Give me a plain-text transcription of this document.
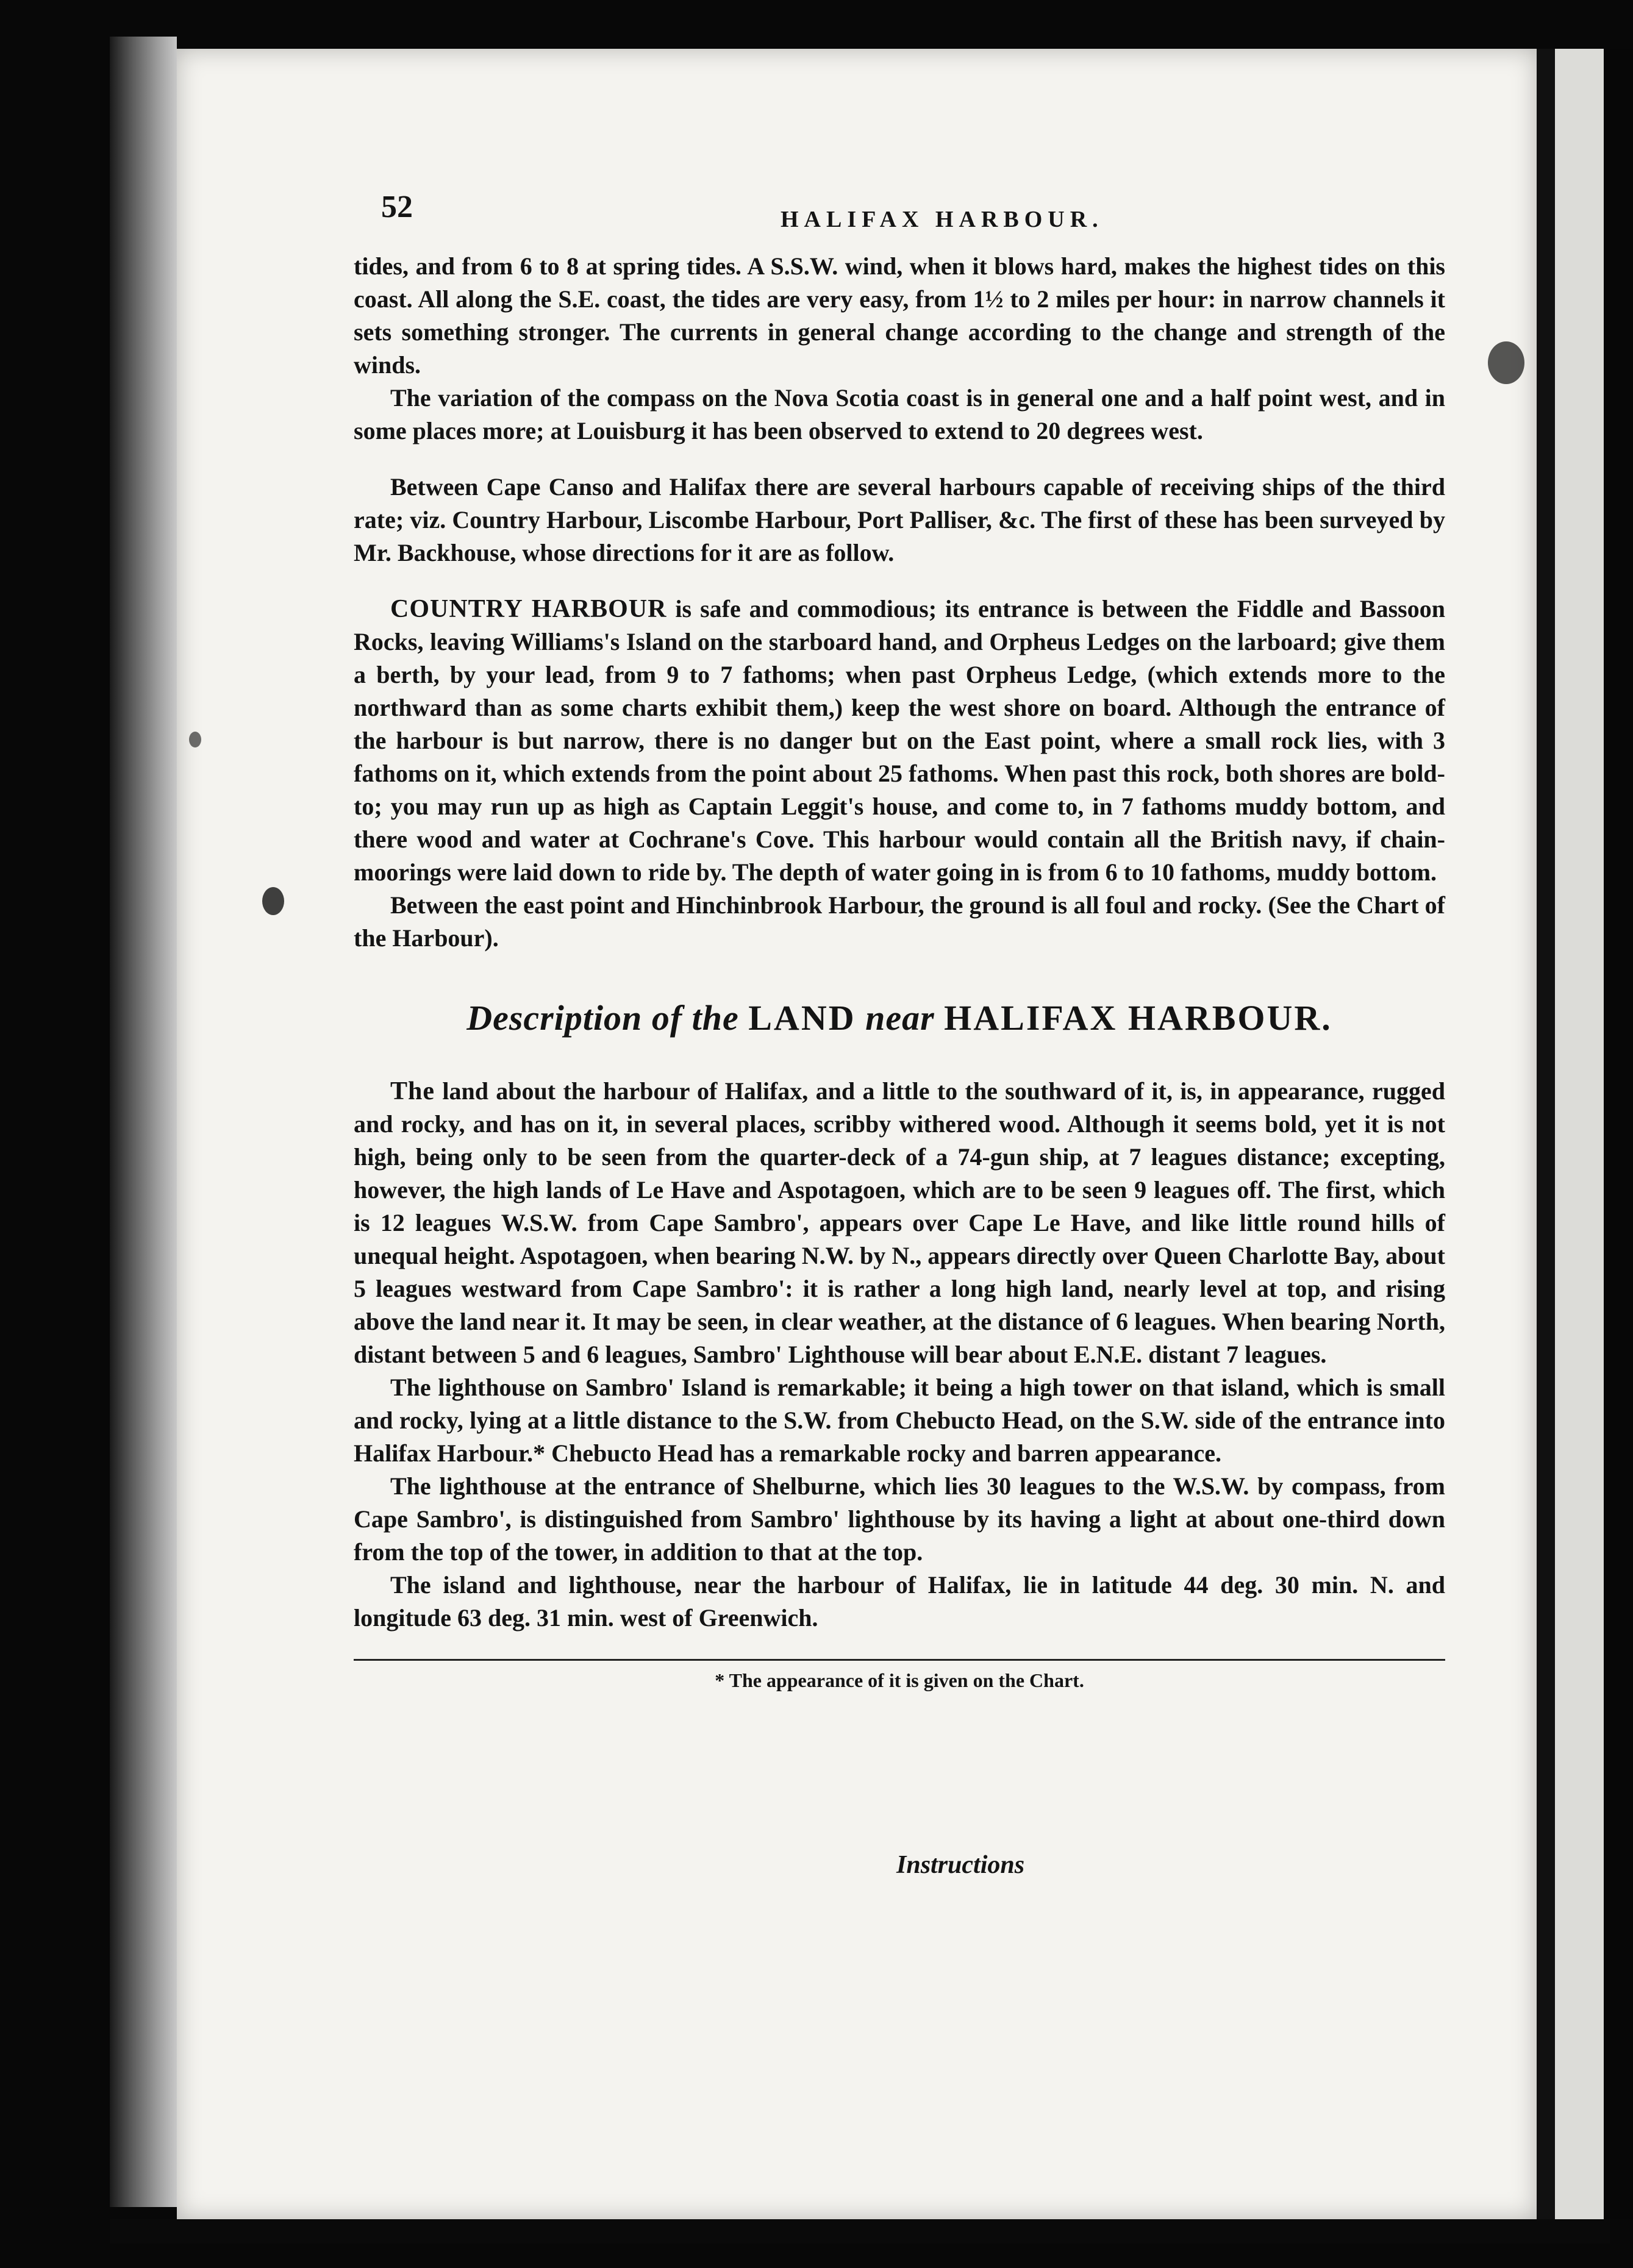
52	HALIFAX HARBOUR.

tides, and from 6 to 8 at spring tides. A S.S.W. wind, when it blows hard, makes the highest tides on this coast. All along the S.E. coast, the tides are very easy, from 1½ to 2 miles per hour: in narrow channels it sets something stronger. The currents in general change according to the change and strength of the winds.

The variation of the compass on the Nova Scotia coast is in general one and a half point west, and in some places more; at Louisburg it has been observed to extend to 20 degrees west.

Between Cape Canso and Halifax there are several harbours capable of receiving ships of the third rate; viz. Country Harbour, Liscombe Harbour, Port Palliser, &c. The first of these has been surveyed by Mr. Backhouse, whose directions for it are as follow.

COUNTRY HARBOUR is safe and commodious; its entrance is between the Fiddle and Bassoon Rocks, leaving Williams's Island on the starboard hand, and Orpheus Ledges on the larboard; give them a berth, by your lead, from 9 to 7 fathoms; when past Orpheus Ledge, (which extends more to the northward than as some charts exhibit them,) keep the west shore on board. Although the entrance of the harbour is but narrow, there is no danger but on the East point, where a small rock lies, with 3 fathoms on it, which extends from the point about 25 fathoms. When past this rock, both shores are bold-to; you may run up as high as Captain Leggit's house, and come to, in 7 fathoms muddy bottom, and there wood and water at Cochrane's Cove. This harbour would contain all the British navy, if chain-moorings were laid down to ride by. The depth of water going in is from 6 to 10 fathoms, muddy bottom.

Between the east point and Hinchinbrook Harbour, the ground is all foul and rocky. (See the Chart of the Harbour).

Description of the LAND near HALIFAX HARBOUR.

The land about the harbour of Halifax, and a little to the southward of it, is, in appearance, rugged and rocky, and has on it, in several places, scribby withered wood. Although it seems bold, yet it is not high, being only to be seen from the quarter-deck of a 74-gun ship, at 7 leagues distance; excepting, however, the high lands of Le Have and Aspotagoen, which are to be seen 9 leagues off. The first, which is 12 leagues W.S.W. from Cape Sambro', appears over Cape Le Have, and like little round hills of unequal height. Aspotagoen, when bearing N.W. by N., appears directly over Queen Charlotte Bay, about 5 leagues westward from Cape Sambro': it is rather a long high land, nearly level at top, and rising above the land near it. It may be seen, in clear weather, at the distance of 6 leagues. When bearing North, distant between 5 and 6 leagues, Sambro' Lighthouse will bear about E.N.E. distant 7 leagues.

The lighthouse on Sambro' Island is remarkable; it being a high tower on that island, which is small and rocky, lying at a little distance to the S.W. from Chebucto Head, on the S.W. side of the entrance into Halifax Harbour.* Chebucto Head has a remarkable rocky and barren appearance.

The lighthouse at the entrance of Shelburne, which lies 30 leagues to the W.S.W. by compass, from Cape Sambro', is distinguished from Sambro' lighthouse by its having a light at about one-third down from the top of the tower, in addition to that at the top.

The island and lighthouse, near the harbour of Halifax, lie in latitude 44 deg. 30 min. N. and longitude 63 deg. 31 min. west of Greenwich.

* The appearance of it is given on the Chart.
Instructions
